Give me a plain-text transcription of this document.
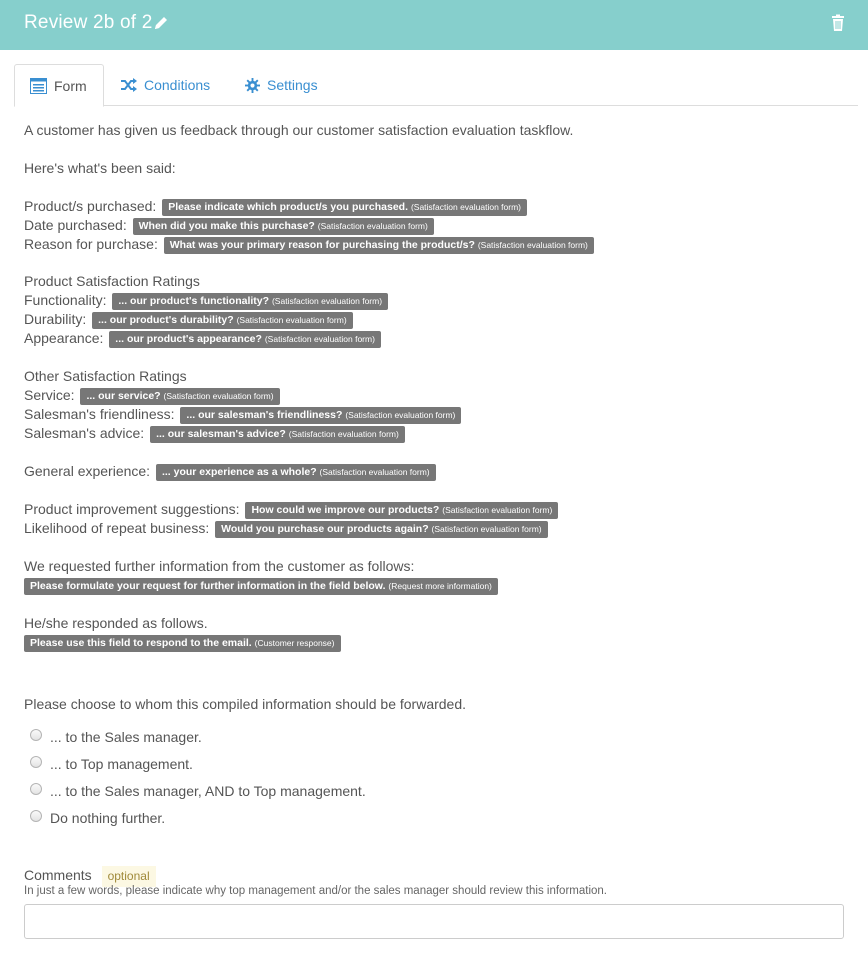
Review 2b of 2
Form	Conditions	Settings
A customer has given us feedback through our customer satisfaction evaluation taskflow.
Here's what's been said:
Product/s purchased: Please indicate which product/s you purchased. (Satisfaction evaluation form)
Date purchased: When did you make this purchase? (Satisfaction evaluation form)
Reason for purchase: What was your primary reason for purchasing the product/s? (Satisfaction evaluation form)
Product Satisfaction Ratings
Functionality: ... our product's functionality? (Satisfaction evaluation form)
Durability: ... our product's durability? (Satisfaction evaluation form)
Appearance: ... our product's appearance? (Satisfaction evaluation form)
Other Satisfaction Ratings
Service: ... our service? (Satisfaction evaluation form)
Salesman's friendliness: ... our salesman's friendliness? (Satisfaction evaluation form)
Salesman's advice: ... our salesman's advice? (Satisfaction evaluation form)
General experience: ... your experience as a whole? (Satisfaction evaluation form)
Product improvement suggestions: How could we improve our products? (Satisfaction evaluation form)
Likelihood of repeat business: Would you purchase our products again? (Satisfaction evaluation form)
We requested further information from the customer as follows:
Please formulate your request for further information in the field below. (Request more information)
He/she responded as follows.
Please use this field to respond to the email. (Customer response)
Please choose to whom this compiled information should be forwarded.
... to the Sales manager.
... to Top management.
... to the Sales manager, AND to Top management.
Do nothing further.
Comments optional
In just a few words, please indicate why top management and/or the sales manager should review this information.
